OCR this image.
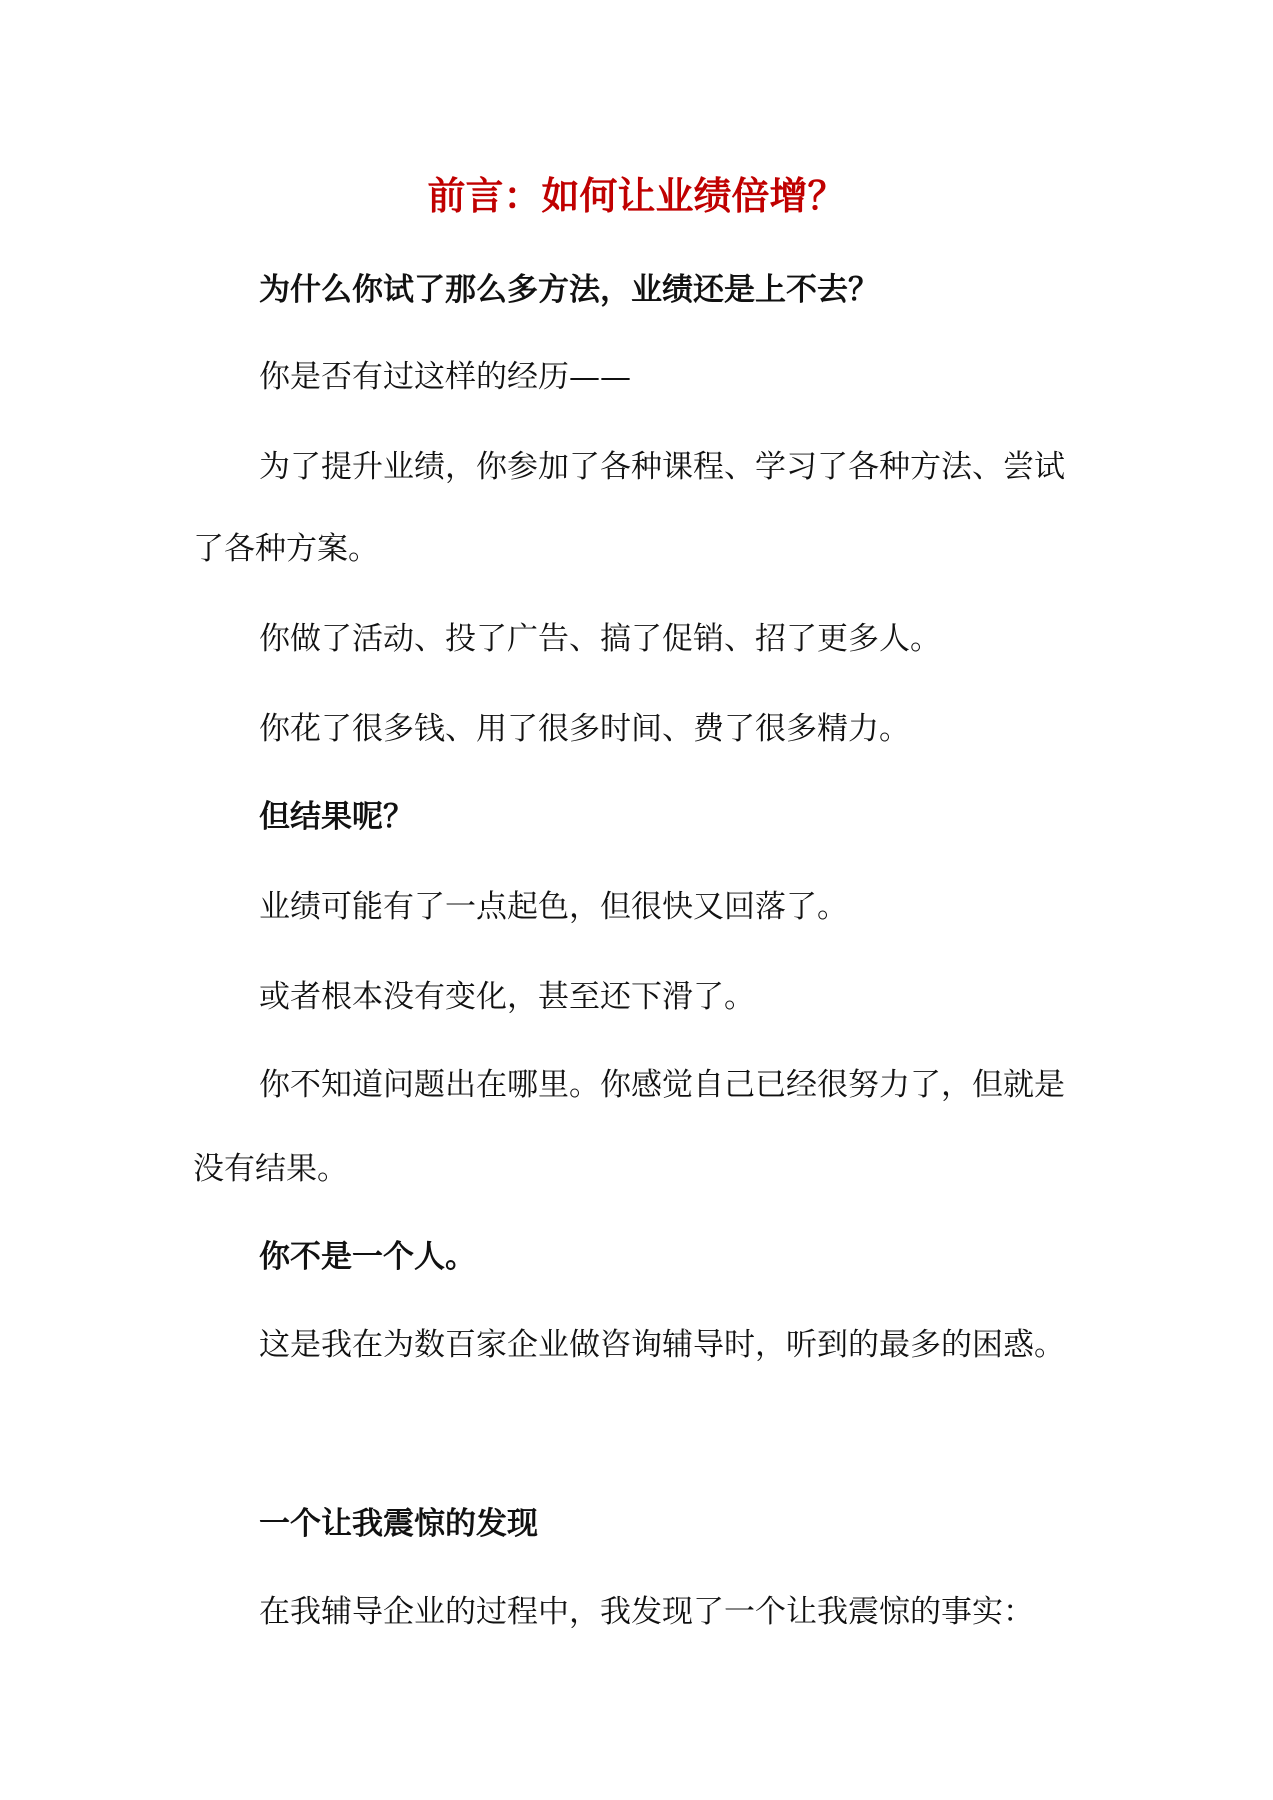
前言：如何让业绩倍增？
为什么你试了那么多方法，业绩还是上不去？
你是否有过这样的经历——
为了提升业绩，你参加了各种课程、学习了各种方法、尝试
了各种方案。
你做了活动、投了广告、搞了促销、招了更多人。
你花了很多钱、用了很多时间、费了很多精力。
但结果呢？
业绩可能有了一点起色，但很快又回落了。
或者根本没有变化，甚至还下滑了。
你不知道问题出在哪里。你感觉自己已经很努力了，但就是
没有结果。
你不是一个人。
这是我在为数百家企业做咨询辅导时，听到的最多的困惑。
一个让我震惊的发现
在我辅导企业的过程中，我发现了一个让我震惊的事实：
